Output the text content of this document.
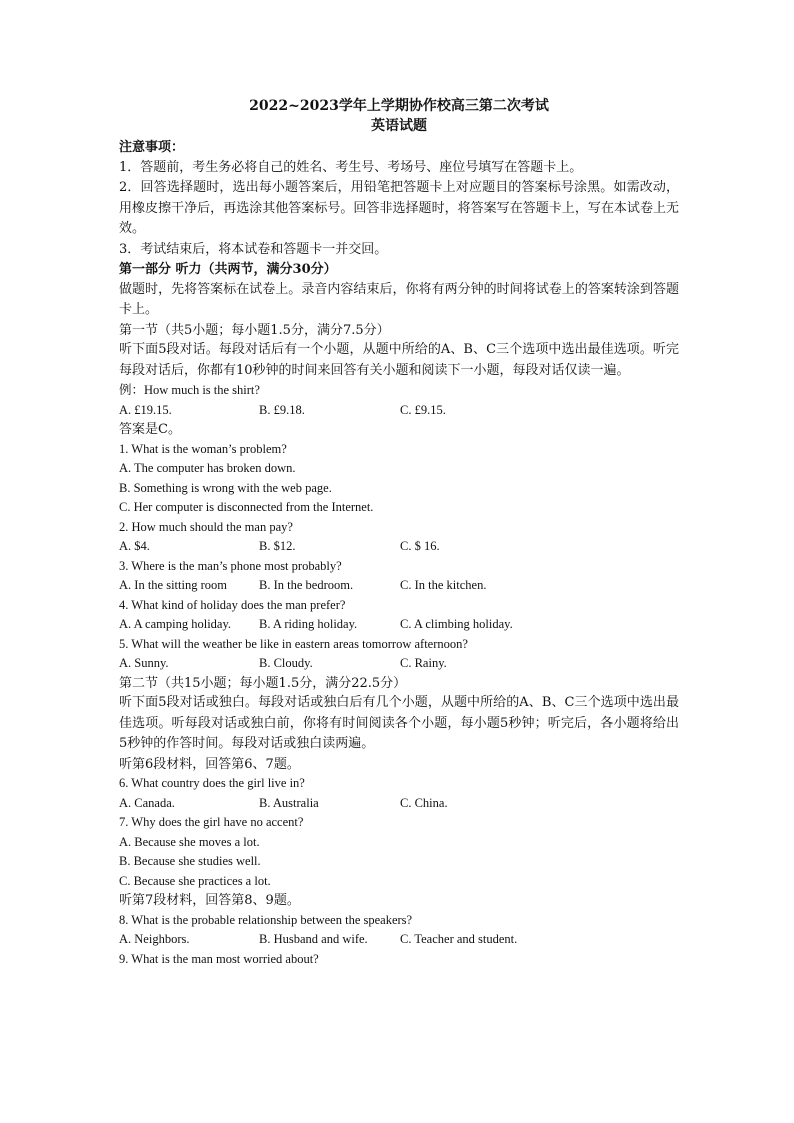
2022~2023学年上学期协作校高三第二次考试
英语试题
注意事项：
1．答题前，考生务必将自己的姓名、考生号、考场号、座位号填写在答题卡上。
2．回答选择题时，选出每小题答案后，用铅笔把答题卡上对应题目的答案标号涂黑。如需改动，用橡皮擦干净后，再选涂其他答案标号。回答非选择题时，将答案写在答题卡上，写在本试卷上无效。
3．考试结束后，将本试卷和答题卡一并交回。
第一部分 听力（共两节，满分30分）
做题时，先将答案标在试卷上。录音内容结束后，你将有两分钟的时间将试卷上的答案转涂到答题卡上。
第一节（共5小题；每小题1.5分，满分7.5分）
听下面5段对话。每段对话后有一个小题，从题中所给的A、B、C三个选项中选出最佳选项。听完每段对话后，你都有10秒钟的时间来回答有关小题和阅读下一小题，每段对话仅读一遍。
例：How much is the shirt?
A. £19.15.	B. £9.18.	C. £9.15.
答案是C。
1. What is the woman’s problem?
A. The computer has broken down.
B. Something is wrong with the web page.
C. Her computer is disconnected from the Internet.
2. How much should the man pay?
A. $4.	B. $12.	C. $ 16.
3. Where is the man’s phone most probably?
A. In the sitting room	B. In the bedroom.	C. In the kitchen.
4. What kind of holiday does the man prefer?
A. A camping holiday.	B. A riding holiday.	C. A climbing holiday.
5. What will the weather be like in eastern areas tomorrow afternoon?
A. Sunny.	B. Cloudy.	C. Rainy.
第二节（共15小题；每小题1.5分，满分22.5分）
听下面5段对话或独白。每段对话或独白后有几个小题，从题中所给的A、B、C三个选项中选出最佳选项。听每段对话或独白前，你将有时间阅读各个小题，每小题5秒钟；听完后，各小题将给出5秒钟的作答时间。每段对话或独白读两遍。
听第6段材料，回答第6、7题。
6. What country does the girl live in?
A. Canada.	B. Australia	C. China.
7. Why does the girl have no accent?
A. Because she moves a lot.
B. Because she studies well.
C. Because she practices a lot.
听第7段材料，回答第8、9题。
8. What is the probable relationship between the speakers?
A. Neighbors.	B. Husband and wife.	C. Teacher and student.
9. What is the man most worried about?
